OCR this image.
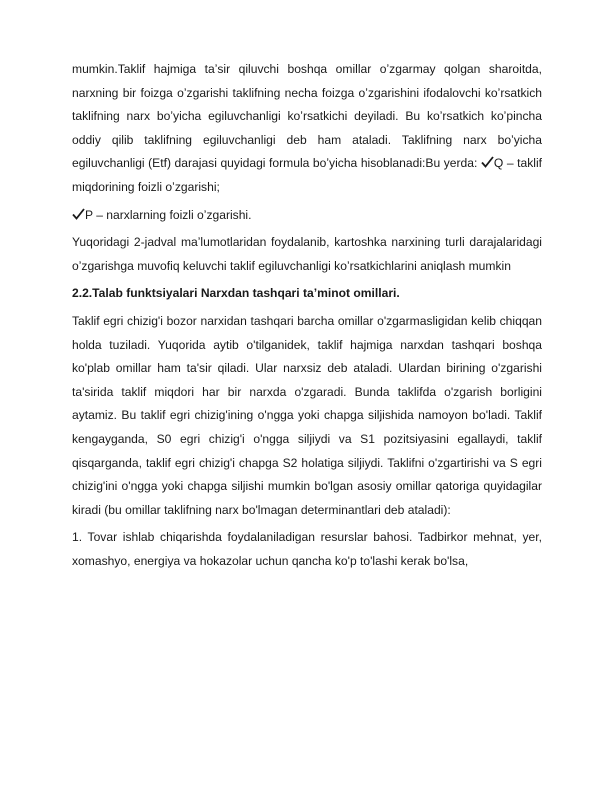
mumkin.Taklif hajmiga taʼsir qiluvchi boshqa omillar oʼzgarmay qolgan sharoitda, narxning bir foizga oʼzgarishi taklifning necha foizga oʼzgarishini ifodalovchi koʼrsatkich taklifning narx boʼyicha egiluvchanligi koʼrsatkichi deyiladi. Bu koʼrsatkich koʼpincha oddiy qilib taklifning egiluvchanligi deb ham ataladi. Taklifning narx boʼyicha egiluvchanligi (Etf) darajasi quyidagi formula boʼyicha hisoblanadi:Bu yerda: Q – taklif miqdorining foizli oʼzgarishi;

P – narxlarning foizli oʼzgarishi.

Yuqoridagi 2-jadval maʼlumotlaridan foydalanib, kartoshka narxining turli darajalaridagi oʼzgarishga muvofiq keluvchi taklif egiluvchanligi koʼrsatkichlarini aniqlash mumkin

2.2.Talab funktsiyalari Narxdan tashqari taʼminot omillari.

Taklif egri chizig'i bozor narxidan tashqari barcha omillar o'zgarmasligidan kelib chiqqan holda tuziladi. Yuqorida aytib o'tilganidek, taklif hajmiga narxdan tashqari boshqa ko'plab omillar ham ta'sir qiladi. Ular narxsiz deb ataladi. Ulardan birining o'zgarishi ta'sirida taklif miqdori har bir narxda o'zgaradi. Bunda taklifda o'zgarish borligini aytamiz. Bu taklif egri chizig'ining o'ngga yoki chapga siljishida namoyon bo'ladi. Taklif kengayganda, S0 egri chizig'i o'ngga siljiydi va S1 pozitsiyasini egallaydi, taklif qisqarganda, taklif egri chizig'i chapga S2 holatiga siljiydi. Taklifni o'zgartirishi va S egri chizig'ini o'ngga yoki chapga siljishi mumkin bo'lgan asosiy omillar qatoriga quyidagilar kiradi (bu omillar taklifning narx bo'lmagan determinantlari deb ataladi):

1. Tovar ishlab chiqarishda foydalaniladigan resurslar bahosi. Tadbirkor mehnat, yer, xomashyo, energiya va hokazolar uchun qancha ko'p to'lashi kerak bo'lsa,
